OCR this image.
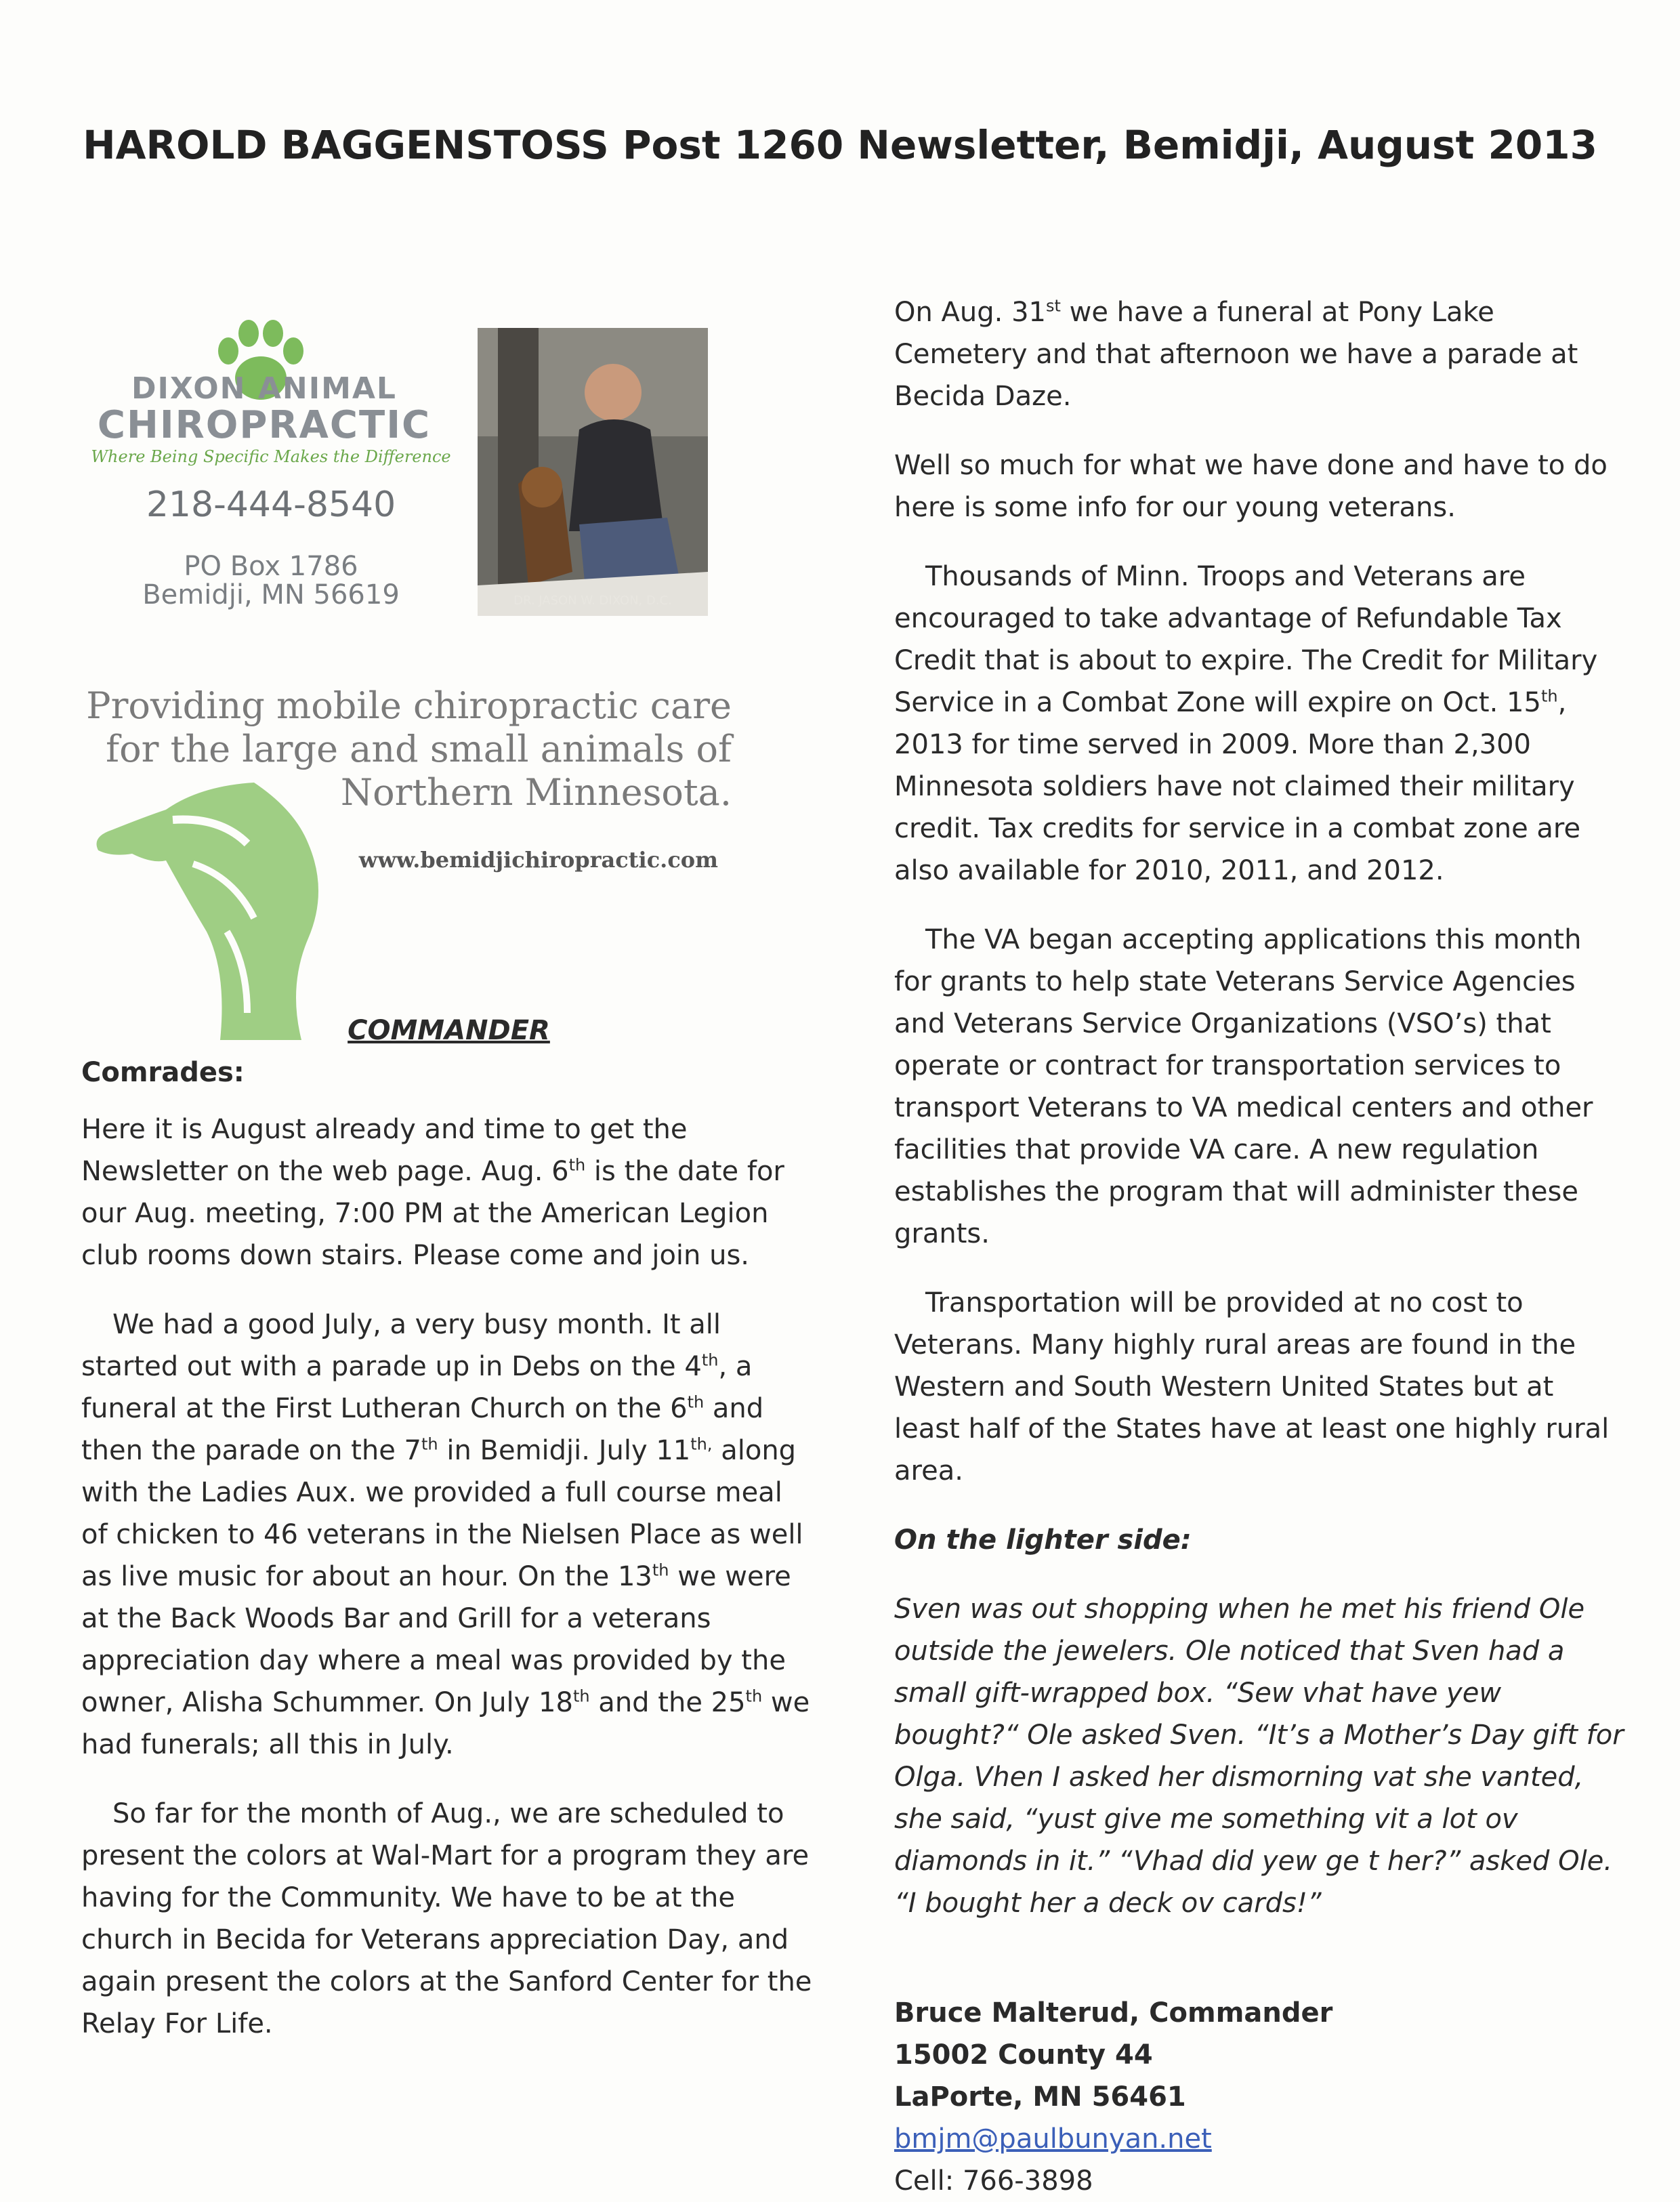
HAROLD BAGGENSTOSS Post 1260 Newsletter, Bemidji, August 2013
DIXON ANIMAL
CHIROPRACTIC
Where Being Specific Makes the Difference
218-444-8540
PO Box 1786
Bemidji, MN 56619	DR. JASON W. DIXON, D.C.
Providing mobile chiropractic care
for the large and small animals of
Northern Minnesota.
www.bemidjichiropractic.com

COMMANDER

Comrades:

Here it is August already and time to get the Newsletter on the web page. Aug. 6th is the date for our Aug. meeting, 7:00 PM at the American Legion club rooms down stairs. Please come and join us.

We had a good July, a very busy month. It all started out with a parade up in Debs on the 4th, a funeral at the First Lutheran Church on the 6th and then the parade on the 7th in Bemidji. July $11^{th,}$ along with the Ladies Aux. we provided a full course meal of chicken to 46 veterans in the Nielsen Place as well as live music for about an hour. On the 13th we were at the Back Woods Bar and Grill for a veterans appreciation day where a meal was provided by the owner, Alisha Schummer. On July 18th and the 25th we had funerals; all this in July.

So far for the month of Aug., we are scheduled to present the colors at Wal-Mart for a program they are having for the Community. We have to be at the church in Becida for Veterans appreciation Day, and again present the colors at the Sanford Center for the Relay For Life.

On Aug. 31st we have a funeral at Pony Lake Cemetery and that afternoon we have a parade at Becida Daze.

Well so much for what we have done and have to do here is some info for our young veterans.

Thousands of Minn. Troops and Veterans are encouraged to take advantage of Refundable Tax Credit that is about to expire. The Credit for Military Service in a Combat Zone will expire on Oct. 15th, 2013 for time served in 2009. More than 2,300 Minnesota soldiers have not claimed their military credit. Tax credits for service in a combat zone are also available for 2010, 2011, and 2012.

The VA began accepting applications this month for grants to help state Veterans Service Agencies and Veterans Service Organizations (VSO’s) that operate or contract for transportation services to transport Veterans to VA medical centers and other facilities that provide VA care. A new regulation establishes the program that will administer these grants.

Transportation will be provided at no cost to Veterans. Many highly rural areas are found in the Western and South Western United States but at least half of the States have at least one highly rural area.

On the lighter side:

Sven was out shopping when he met his friend Ole outside the jewelers. Ole noticed that Sven had a small gift-wrapped box. “Sew vhat have yew bought?“ Ole asked Sven. “It’s a Mother’s Day gift for Olga. Vhen I asked her dismorning vat she vanted, she said, “yust give me something vit a lot ov diamonds in it.” “Vhad did yew ge t her?” asked Ole. “I bought her a deck ov cards!”

Bruce Malterud, Commander
15002 County 44
LaPorte, MN 56461
bmjm@paulbunyan.net
Cell: 766-3898
